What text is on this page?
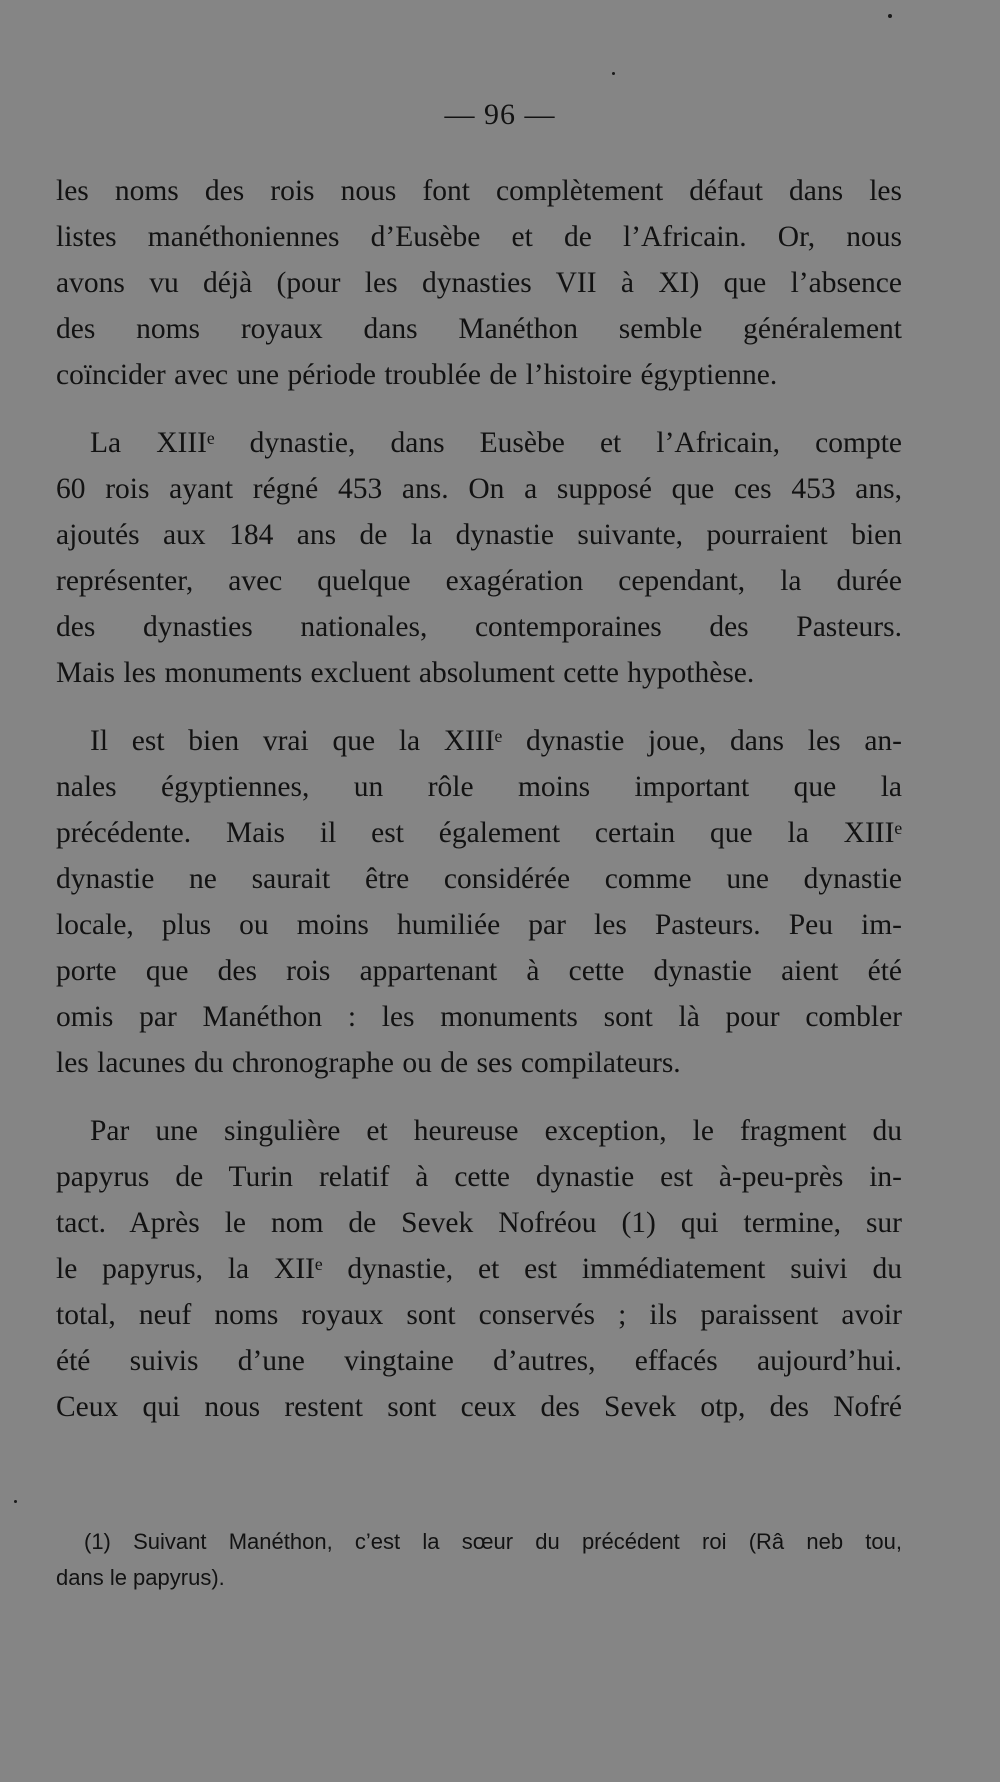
— 96 —
les noms des rois nous font complètement défaut dans les
listes manéthoniennes d’Eusèbe et de l’Africain. Or, nous
avons vu déjà (pour les dynasties VII à XI) que l’absence
des noms royaux dans Manéthon semble généralement
coïncider avec une période troublée de l’histoire égyptienne.
La XIIIᵉ dynastie, dans Eusèbe et l’Africain, compte
60 rois ayant régné 453 ans. On a supposé que ces 453 ans,
ajoutés aux 184 ans de la dynastie suivante, pourraient bien
représenter, avec quelque exagération cependant, la durée
des dynasties nationales, contemporaines des Pasteurs.
Mais les monuments excluent absolument cette hypothèse.
Il est bien vrai que la XIIIᵉ dynastie joue, dans les an-
nales égyptiennes, un rôle moins important que la
précédente. Mais il est également certain que la XIIIᵉ
dynastie ne saurait être considérée comme une dynastie
locale, plus ou moins humiliée par les Pasteurs. Peu im-
porte que des rois appartenant à cette dynastie aient été
omis par Manéthon : les monuments sont là pour combler
les lacunes du chronographe ou de ses compilateurs.
Par une singulière et heureuse exception, le fragment du
papyrus de Turin relatif à cette dynastie est à-peu-près in-
tact. Après le nom de Sevek Nofréou (1) qui termine, sur
le papyrus, la XIIᵉ dynastie, et est immédiatement suivi du
total, neuf noms royaux sont conservés ; ils paraissent avoir
été suivis d’une vingtaine d’autres, effacés aujourd’hui.
Ceux qui nous restent sont ceux des Sevek otp, des Nofré
(1) Suivant Manéthon, c’est la sœur du précédent roi (Râ neb tou,
dans le papyrus).
